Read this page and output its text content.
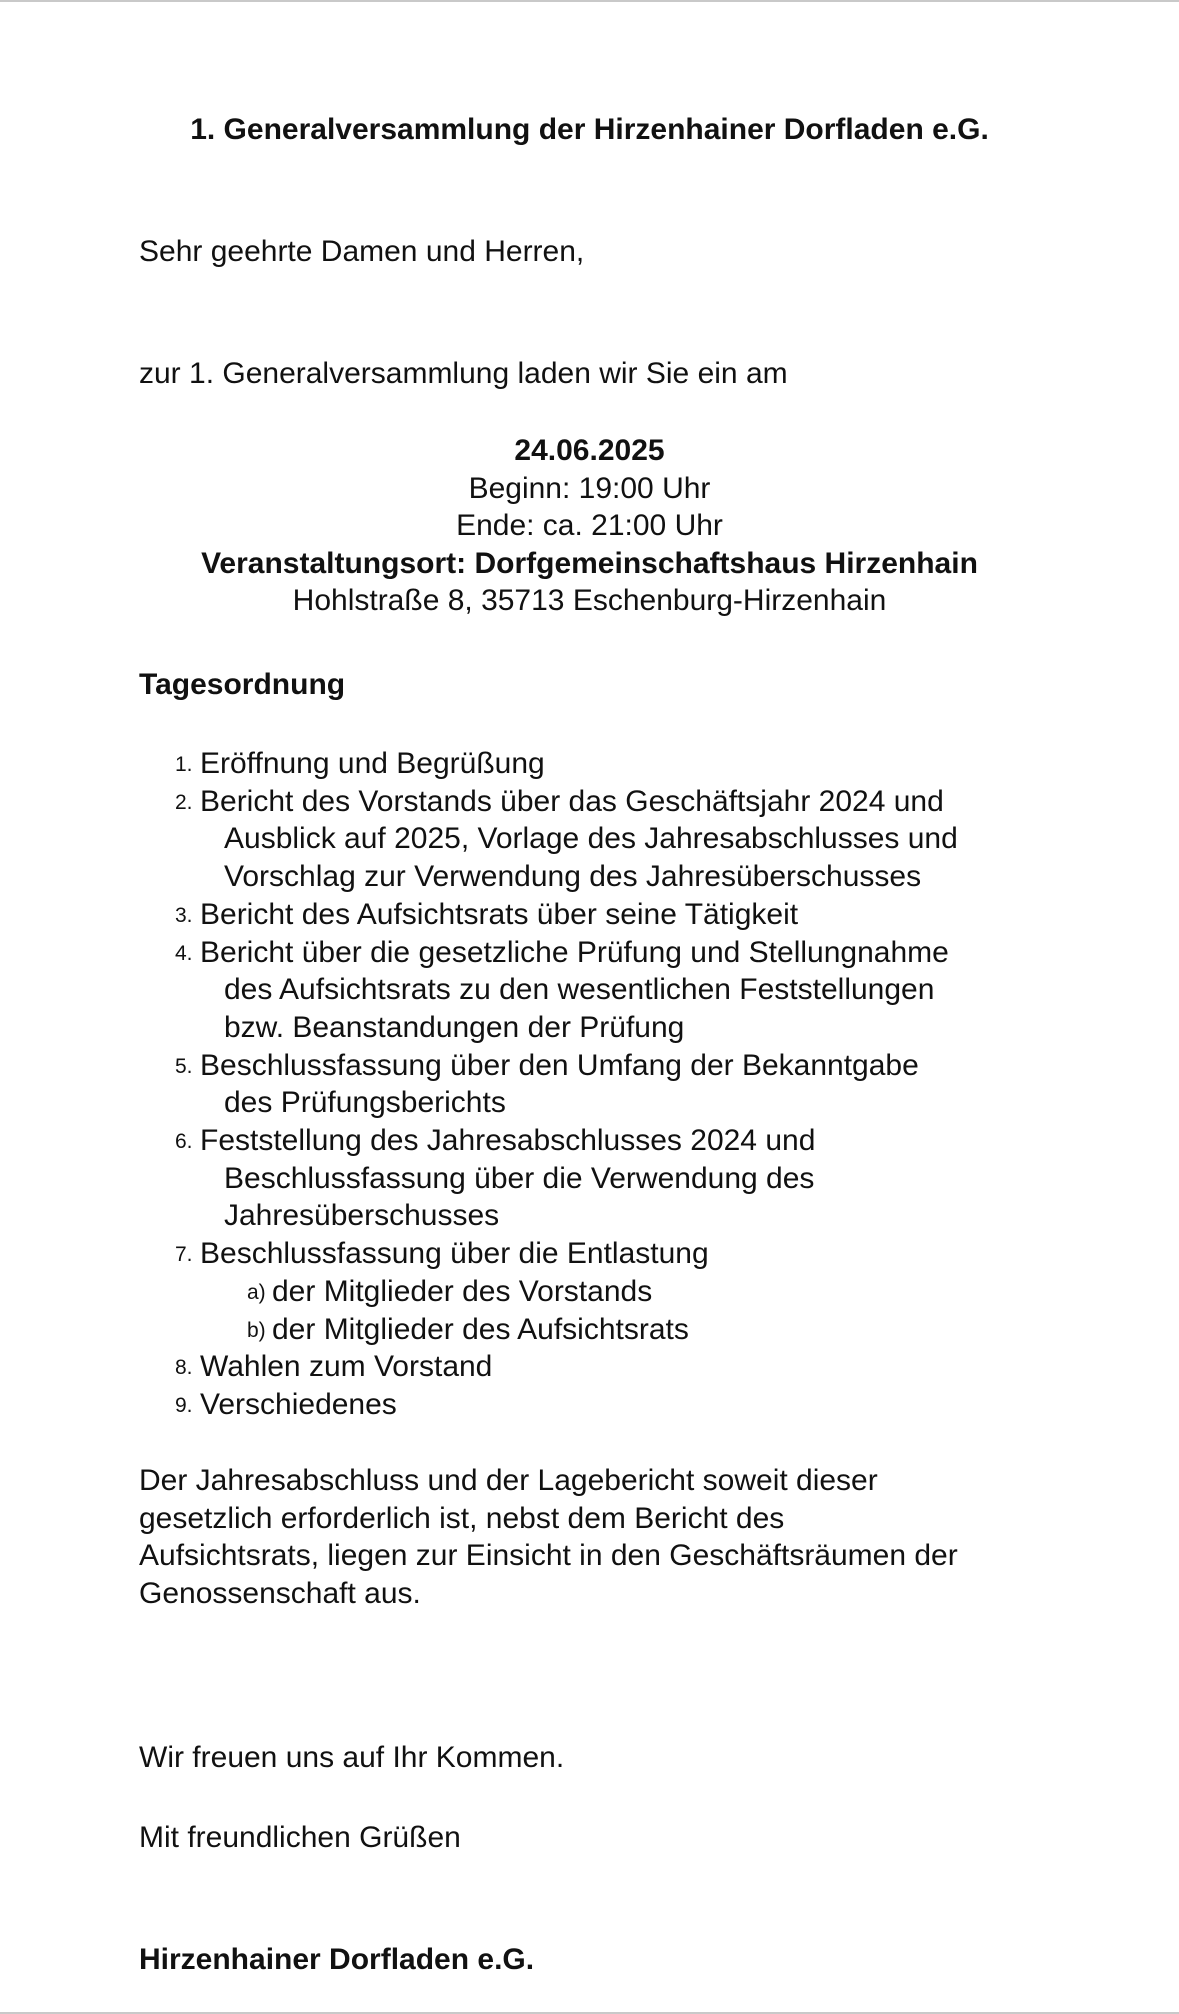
1. Generalversammlung der Hirzenhainer Dorfladen e.G.
Sehr geehrte Damen und Herren,
zur 1. Generalversammlung laden wir Sie ein am
24.06.2025
Beginn: 19:00 Uhr
Ende: ca. 21:00 Uhr
Veranstaltungsort: Dorfgemeinschaftshaus Hirzenhain
Hohlstraße 8, 35713 Eschenburg-Hirzenhain
Tagesordnung
1. Eröffnung und Begrüßung
2. Bericht des Vorstands über das Geschäftsjahr 2024 und
Ausblick auf 2025, Vorlage des Jahresabschlusses und
Vorschlag zur Verwendung des Jahresüberschusses
3. Bericht des Aufsichtsrats über seine Tätigkeit
4. Bericht über die gesetzliche Prüfung und Stellungnahme
des Aufsichtsrats zu den wesentlichen Feststellungen
bzw. Beanstandungen der Prüfung
5. Beschlussfassung über den Umfang der Bekanntgabe
des Prüfungsberichts
6. Feststellung des Jahresabschlusses 2024 und
Beschlussfassung über die Verwendung des
Jahresüberschusses
7. Beschlussfassung über die Entlastung
a) der Mitglieder des Vorstands
b) der Mitglieder des Aufsichtsrats
8. Wahlen zum Vorstand
9. Verschiedenes
Der Jahresabschluss und der Lagebericht soweit dieser
gesetzlich erforderlich ist, nebst dem Bericht des
Aufsichtsrats, liegen zur Einsicht in den Geschäftsräumen der
Genossenschaft aus.
Wir freuen uns auf Ihr Kommen.
Mit freundlichen Grüßen
Hirzenhainer Dorfladen e.G.
